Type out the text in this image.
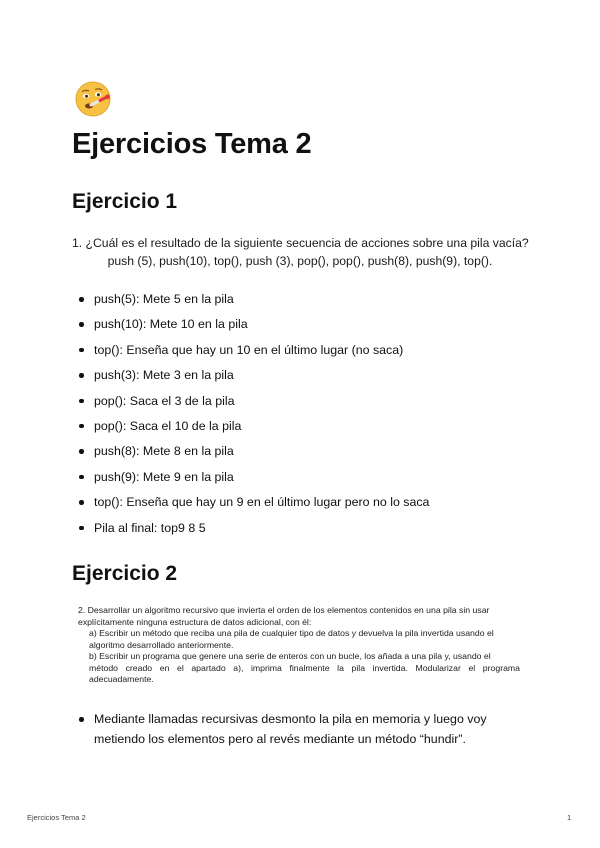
Ejercicios Tema 2
Ejercicio 1
1. ¿Cuál es el resultado de la siguiente secuencia de acciones sobre una pila vacía?
push (5), push(10), top(), push (3), pop(), pop(), push(8), push(9), top().
push(5): Mete 5 en la pila
push(10): Mete 10 en la pila
top(): Enseña que hay un 10 en el último lugar (no saca)
push(3): Mete 3 en la pila
pop(): Saca el 3 de la pila
pop(): Saca el 10 de la pila
push(8): Mete 8 en la pila
push(9): Mete 9 en la pila
top(): Enseña que hay un 9 en el último lugar pero no lo saca
Pila al final: top9 8 5
Ejercicio 2
2. Desarrollar un algoritmo recursivo que invierta el orden de los elementos contenidos en una pila sin usar
explícitamente ninguna estructura de datos adicional, con él:
a) Escribir un método que reciba una pila de cualquier tipo de datos y devuelva la pila invertida usando el
algoritmo desarrollado anteriormente.
b) Escribir un programa que genere una serie de enteros con un bucle, los añada a una pila y, usando el
método creado en el apartado a), imprima finalmente la pila invertida. Modularizar el programa
adecuadamente.
Mediante llamadas recursivas desmonto la pila en memoria y luego voy metiendo los elementos pero al revés mediante un método “hundir”.
Ejercicios Tema 2	1
